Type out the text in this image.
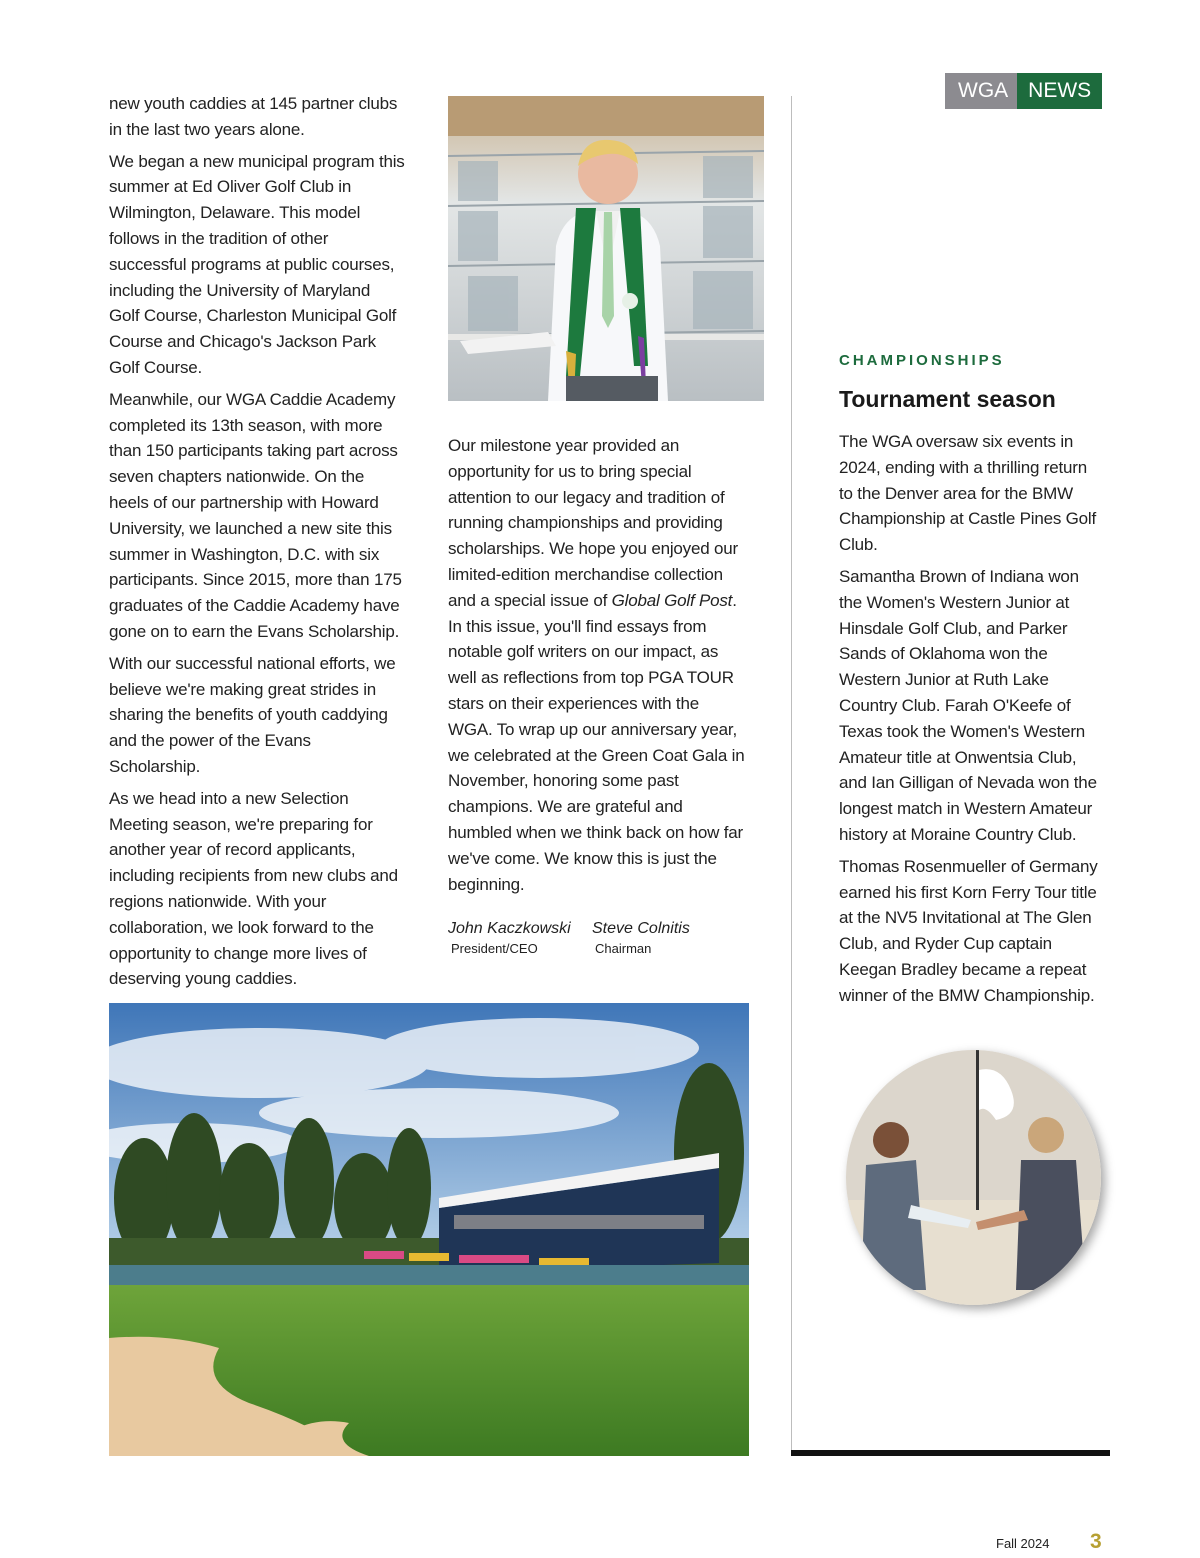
WGA NEWS

new youth caddies at 145 partner clubs in the last two years alone.

We began a new municipal program this summer at Ed Oliver Golf Club in Wilmington, Delaware. This model follows in the tradition of other successful programs at public courses, including the University of Maryland Golf Course, Charleston Municipal Golf Course and Chicago's Jackson Park Golf Course.

Meanwhile, our WGA Caddie Academy completed its 13th season, with more than 150 participants taking part across seven chapters nationwide. On the heels of our partnership with Howard University, we launched a new site this summer in Washington, D.C. with six participants. Since 2015, more than 175 graduates of the Caddie Academy have gone on to earn the Evans Scholarship.

With our successful national efforts, we believe we're making great strides in sharing the benefits of youth caddying and the power of the Evans Scholarship.

As we head into a new Selection Meeting season, we're preparing for another year of record applicants, including recipients from new clubs and regions nationwide. With your collaboration, we look forward to the opportunity to change more lives of deserving young caddies.

Our milestone year provided an opportunity for us to bring special attention to our legacy and tradition of running championships and providing scholarships. We hope you enjoyed our limited-edition merchandise collection and a special issue of Global Golf Post. In this issue, you'll find essays from notable golf writers on our impact, as well as reflections from top PGA TOUR stars on their experiences with the WGA. To wrap up our anniversary year, we celebrated at the Green Coat Gala in November, honoring some past champions. We are grateful and humbled when we think back on how far we've come. We know this is just the beginning.

John Kaczkowski
President/CEO
Steve Colnitis
Chairman
CHAMPIONSHIPS
Tournament season

The WGA oversaw six events in 2024, ending with a thrilling return to the Denver area for the BMW Championship at Castle Pines Golf Club.

Samantha Brown of Indiana won the Women's Western Junior at Hinsdale Golf Club, and Parker Sands of Oklahoma won the Western Junior at Ruth Lake Country Club. Farah O'Keefe of Texas took the Women's Western Amateur title at Onwentsia Club, and Ian Gilligan of Nevada won the longest match in Western Amateur history at Moraine Country Club.

Thomas Rosenmueller of Germany earned his first Korn Ferry Tour title at the NV5 Invitational at The Glen Club, and Ryder Cup captain Keegan Bradley became a repeat winner of the BMW Championship.

Fall 2024 3
